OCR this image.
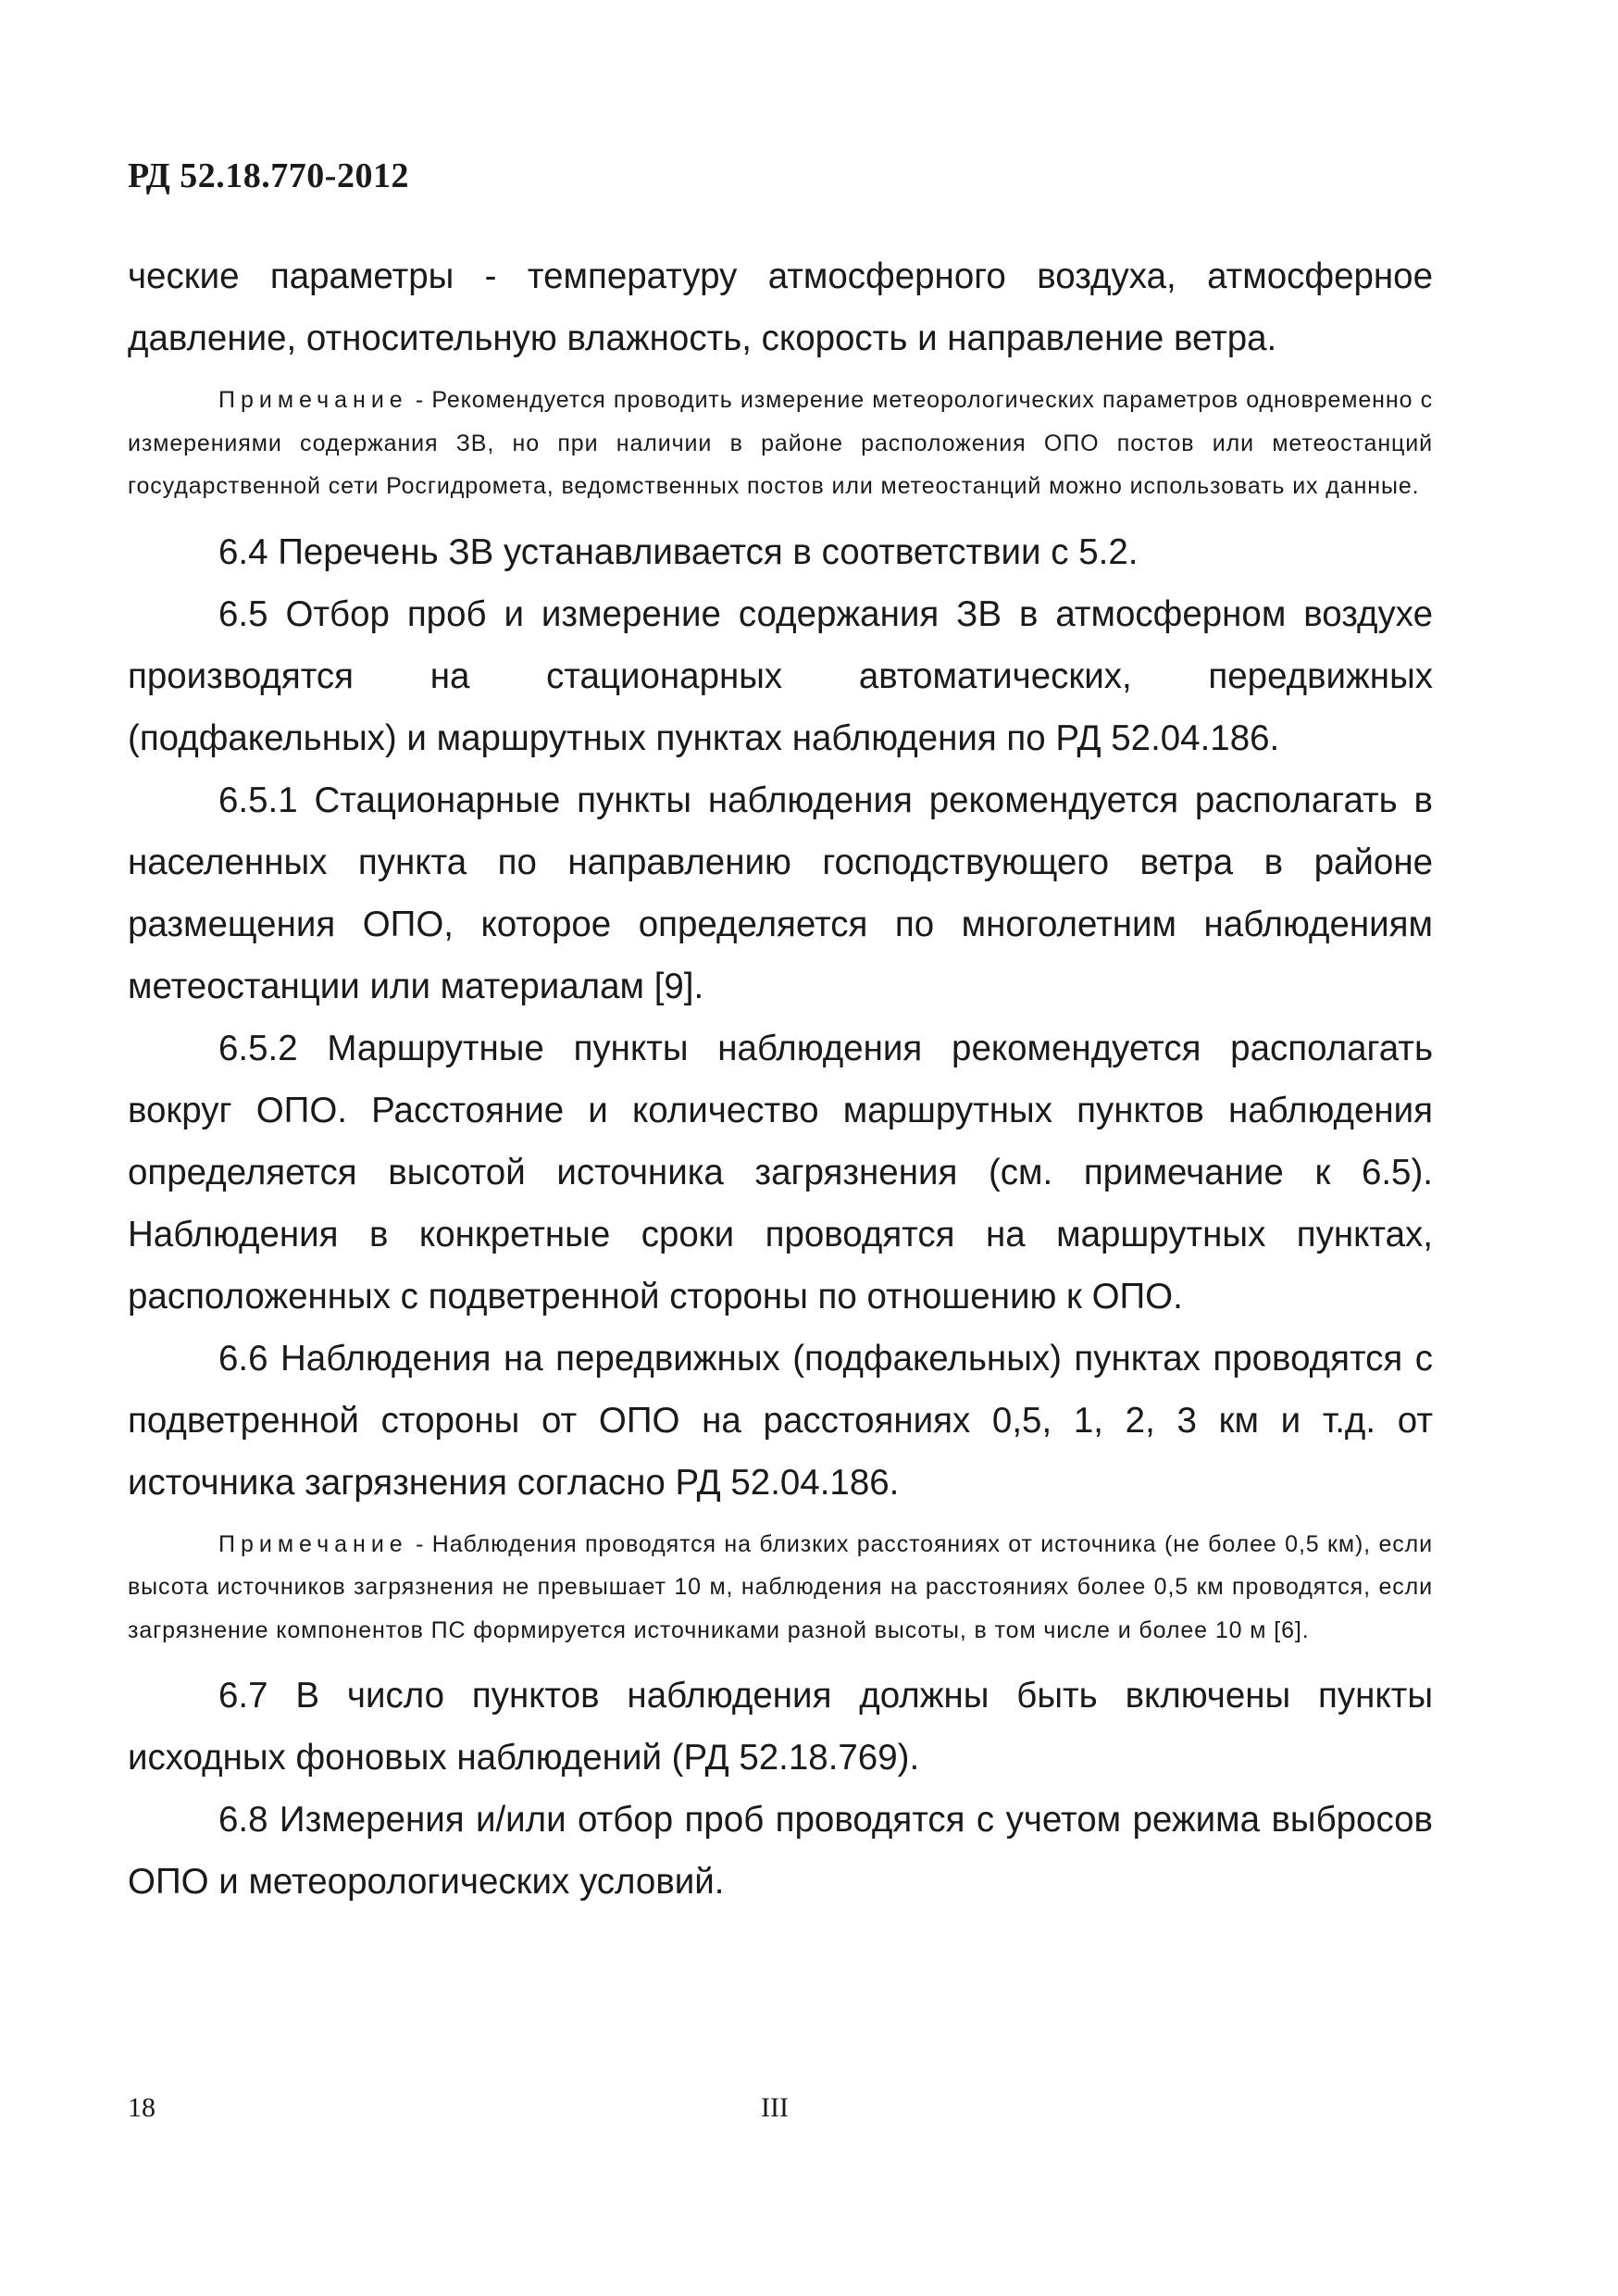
РД 52.18.770-2012

ческие параметры - температуру атмосферного воздуха, атмосферное давление, относительную влажность, скорость и направление ветра.

Примечание - Рекомендуется проводить измерение метеорологических параметров одновременно с измерениями содержания ЗВ, но при наличии в районе расположения ОПО постов или метеостанций государственной сети Росгидромета, ведомственных постов или метеостанций можно использовать их данные.

6.4 Перечень ЗВ устанавливается в соответствии с 5.2.

6.5 Отбор проб и измерение содержания ЗВ в атмосферном воздухе производятся на стационарных автоматических, передвижных (подфакельных) и маршрутных пунктах наблюдения по РД 52.04.186.

6.5.1 Стационарные пункты наблюдения рекомендуется располагать в населенных пункта по направлению господствующего ветра в районе размещения ОПО, которое определяется по многолетним наблюдениям метеостанции или материалам [9].

6.5.2 Маршрутные пункты наблюдения рекомендуется располагать вокруг ОПО. Расстояние и количество маршрутных пунктов наблюдения определяется высотой источника загрязнения (см. примечание к 6.5). Наблюдения в конкретные сроки проводятся на маршрутных пунктах, расположенных с подветренной стороны по отношению к ОПО.

6.6 Наблюдения на передвижных (подфакельных) пунктах проводятся с подветренной стороны от ОПО на расстояниях 0,5, 1, 2, 3 км и т.д. от источника загрязнения согласно РД 52.04.186.

Примечание - Наблюдения проводятся на близких расстояниях от источника (не более 0,5 км), если высота источников загрязнения не превышает 10 м, наблюдения на расстояниях более 0,5 км проводятся, если загрязнение компонентов ПС формируется источниками разной высоты, в том числе и более 10 м [6].

6.7 В число пунктов наблюдения должны быть включены пункты исходных фоновых наблюдений (РД 52.18.769).

6.8 Измерения и/или отбор проб проводятся с учетом режима выбросов ОПО и метеорологических условий.

18	III
